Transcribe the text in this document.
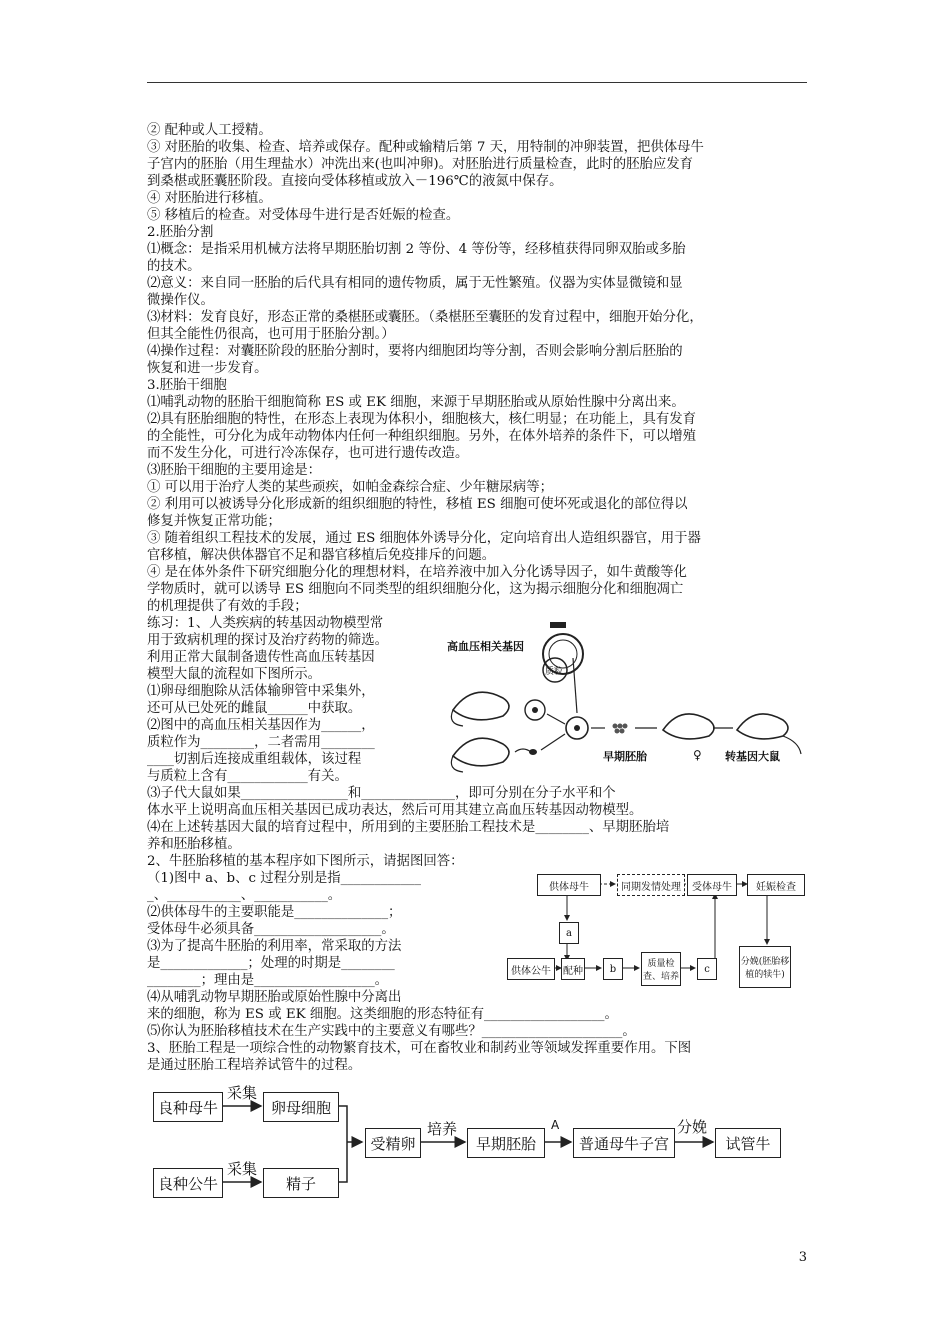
② 配种或人工授精。
③ 对胚胎的收集、检查、培养或保存。配种或输精后第 7 天，用特制的冲卵装置，把供体母牛
子宫内的胚胎（用生理盐水）冲洗出来(也叫冲卵)。对胚胎进行质量检查，此时的胚胎应发育
到桑椹或胚囊胚阶段。直接向受体移植或放入－196℃的液氮中保存。
④ 对胚胎进行移植。
⑤ 移植后的检查。对受体母牛进行是否妊娠的检查。
2.胚胎分割
⑴概念：是指采用机械方法将早期胚胎切割 2 等份、4 等份等，经移植获得同卵双胎或多胎
的技术。
⑵意义：来自同一胚胎的后代具有相同的遗传物质，属于无性繁殖。仪器为实体显微镜和显
微操作仪。
⑶材料：发育良好，形态正常的桑椹胚或囊胚。（桑椹胚至囊胚的发育过程中，细胞开始分化，
但其全能性仍很高，也可用于胚胎分割。）
⑷操作过程：对囊胚阶段的胚胎分割时，要将内细胞团均等分割，否则会影响分割后胚胎的
恢复和进一步发育。
3.胚胎干细胞
⑴哺乳动物的胚胎干细胞简称 ES 或 EK 细胞，来源于早期胚胎或从原始性腺中分离出来。
⑵具有胚胎细胞的特性，在形态上表现为体积小，细胞核大，核仁明显；在功能上，具有发育
的全能性，可分化为成年动物体内任何一种组织细胞。另外，在体外培养的条件下，可以增殖
而不发生分化，可进行冷冻保存，也可进行遗传改造。
⑶胚胎干细胞的主要用途是：
① 可以用于治疗人类的某些顽疾，如帕金森综合症、少年糖尿病等；
② 利用可以被诱导分化形成新的组织细胞的特性，移植 ES 细胞可使坏死或退化的部位得以
修复并恢复正常功能；
③ 随着组织工程技术的发展，通过 ES 细胞体外诱导分化，定向培育出人造组织器官，用于器
官移植，解决供体器官不足和器官移植后免疫排斥的问题。
④ 是在体外条件下研究细胞分化的理想材料，在培养液中加入分化诱导因子，如牛黄酸等化
学物质时，就可以诱导 ES 细胞向不同类型的组织细胞分化，这为揭示细胞分化和细胞凋亡
的机理提供了有效的手段；
练习：1、人类疾病的转基因动物模型常
用于致病机理的探讨及治疗药物的筛选。
利用正常大鼠制备遗传性高血压转基因
模型大鼠的流程如下图所示。
⑴卵母细胞除从活体输卵管中采集外，
还可从已处死的雌鼠______中获取。
⑵图中的高血压相关基因作为______，
质粒作为________，二者需用________
____切割后连接成重组载体，该过程
与质粒上含有____________有关。
⑶子代大鼠如果________________和______________，即可分别在分子水平和个
体水平上说明高血压相关基因已成功表达，然后可用其建立高血压转基因动物模型。
⑷在上述转基因大鼠的培育过程中，所用到的主要胚胎工程技术是________、早期胚胎培
养和胚胎移植。
2、牛胚胎移植的基本程序如下图所示，请据图回答：
（1)图中 a、b、c 过程分别是指____________
_、___________、___________。
⑵供体母牛的主要职能是______________；
受体母牛必须具备___________________。
⑶为了提高牛胚胎的利用率，常采取的方法
是_____________；处理的时期是________
________；理由是__________________。
⑷从哺乳动物早期胚胎或原始性腺中分离出
来的细胞，称为 ES 或 EK 细胞。这类细胞的形态特征有__________________。
⑸你认为胚胎移植技术在生产实践中的主要意义有哪些？_____________________。
3、胚胎工程是一项综合性的动物繁育技术，可在畜牧业和制药业等领域发挥重要作用。下图
是通过胚胎工程培养试管牛的过程。
高血压相关基因
质粒
早期胚胎	♀ 转基因大鼠
供体母牛	同期发情处理	受体母牛	妊娠检查
a
供体公牛	配种	b	质量检查、培养
c
分娩(胚胎移植的犊牛)
良种母牛
采集
卵母细胞
良种公牛
采集
精子
受精卵
培养
早期胚胎
A
普通母牛子宫
分娩
试管牛
3
